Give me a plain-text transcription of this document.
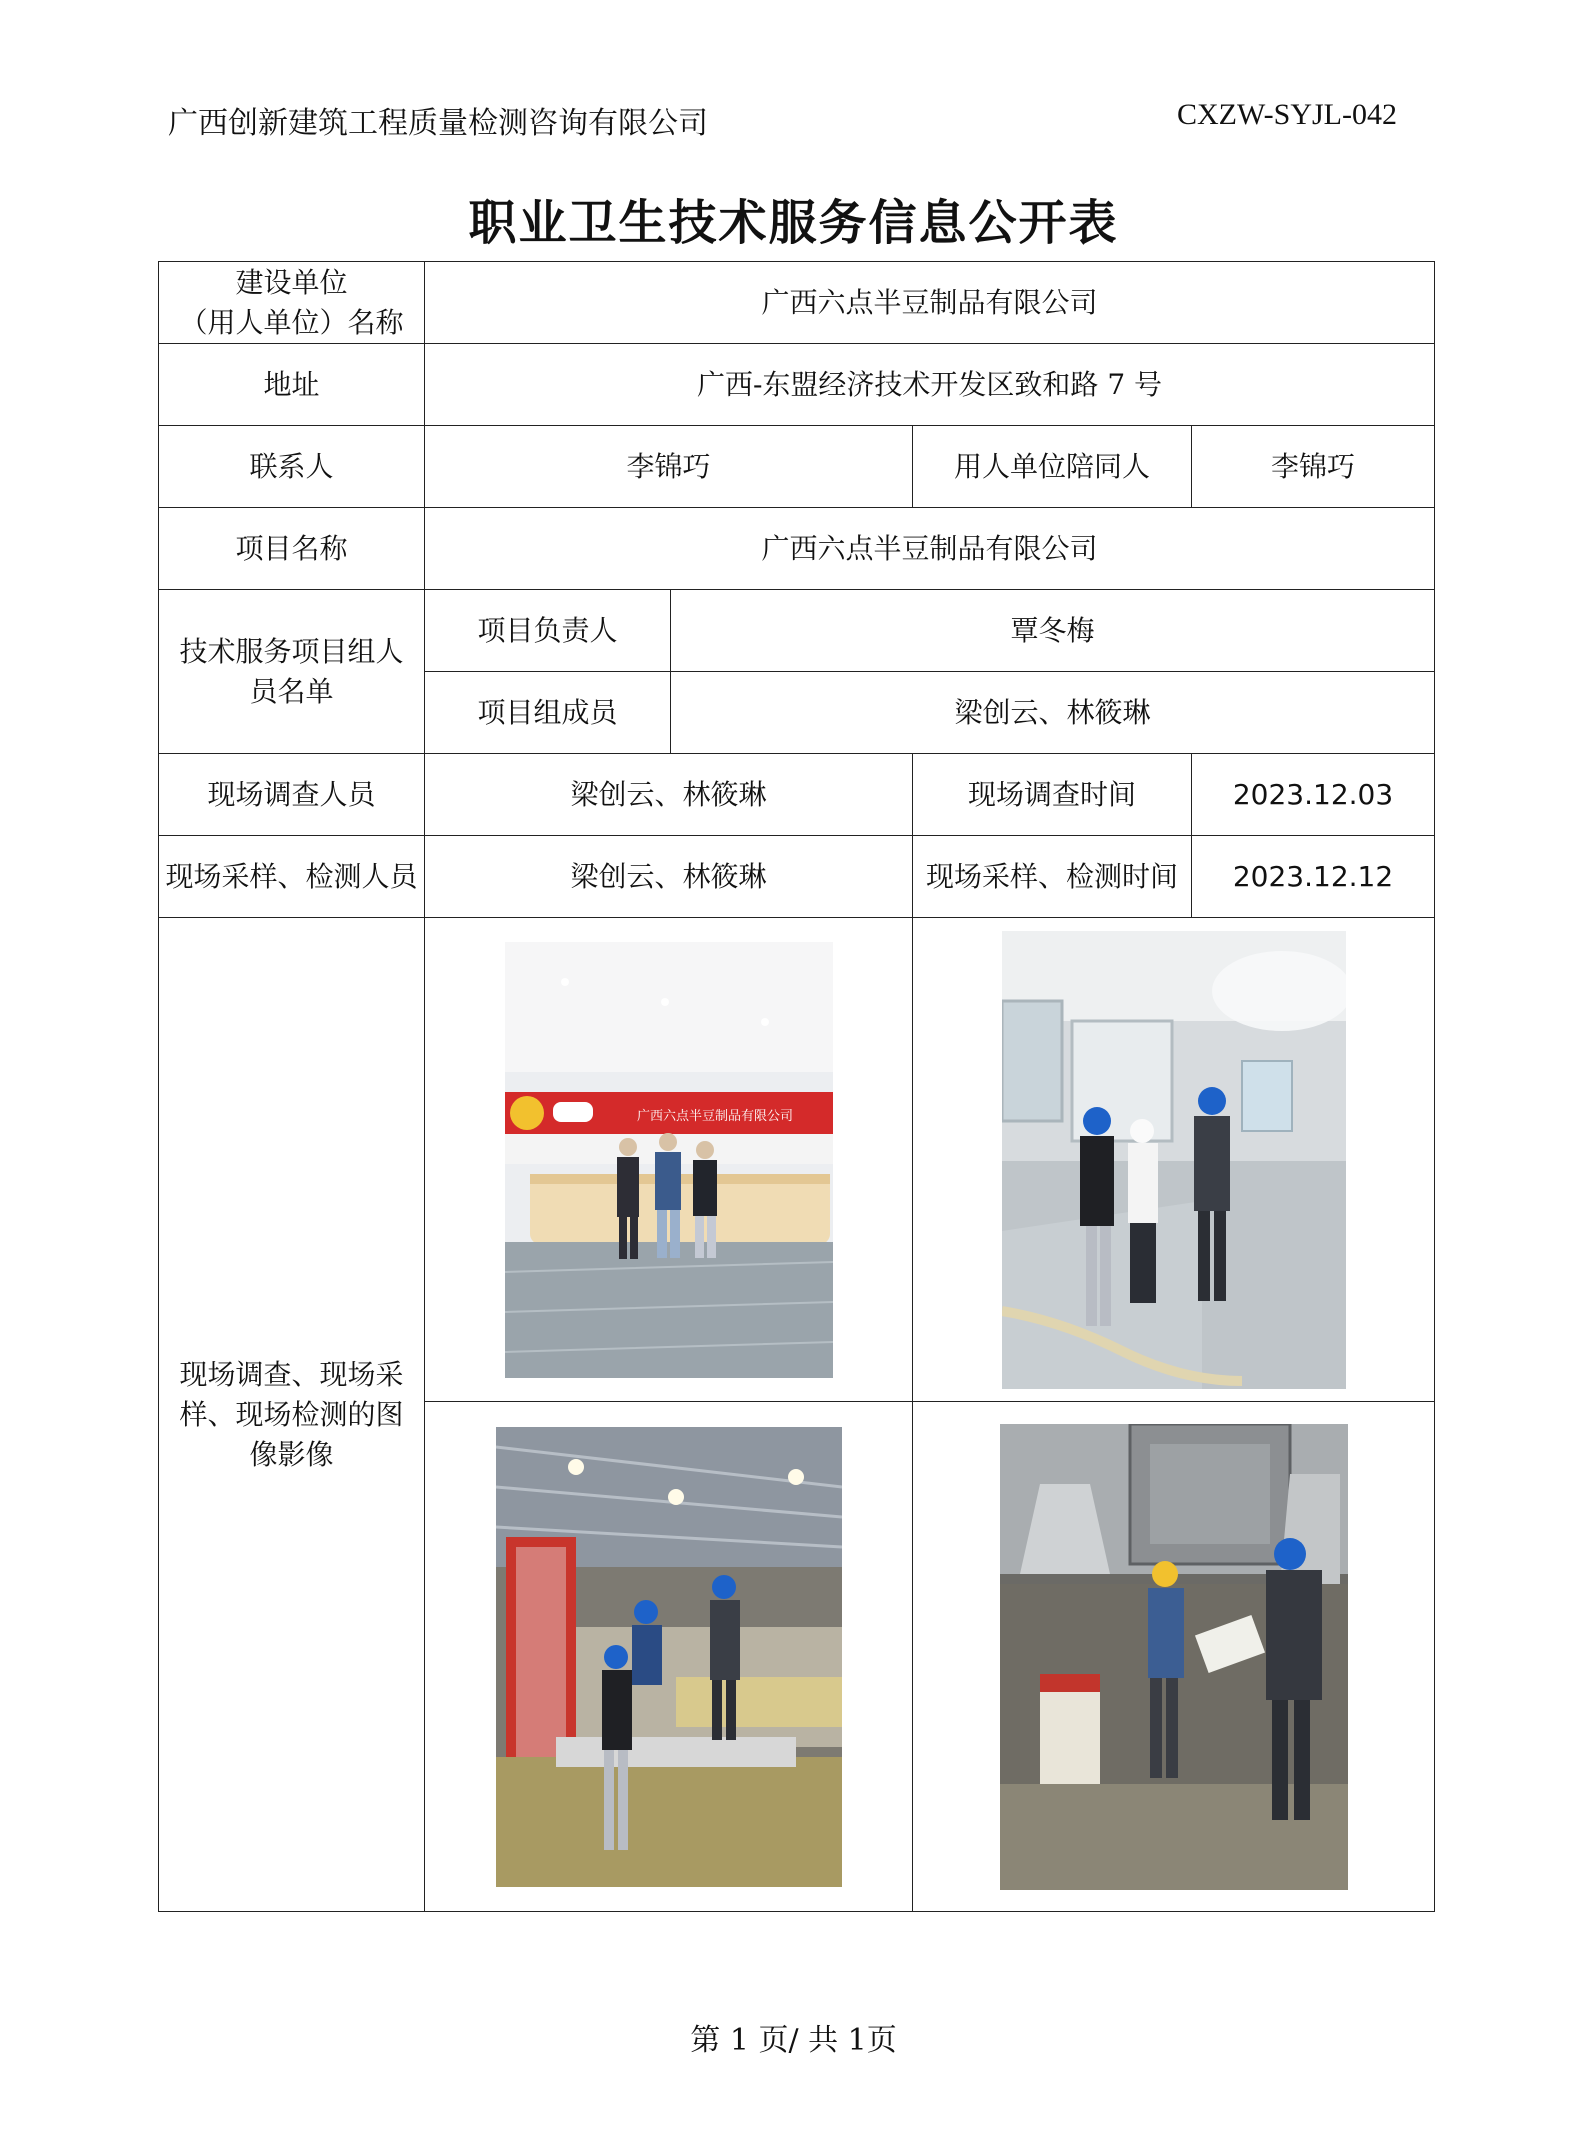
广西创新建筑工程质量检测咨询有限公司	CXZW-SYJL-042
职业卫生技术服务信息公开表
建设单位
（用人单位）名称	广西六点半豆制品有限公司			
地址	广西-东盟经济技术开发区致和路 7 号			
联系人	李锦巧		用人单位陪同人	李锦巧
项目名称	广西六点半豆制品有限公司			
技术服务项目组人员名单	项目负责人	覃冬梅		
	项目组成员	梁创云、林筱琳		
现场调查人员	梁创云、林筱琳		现场调查时间	2023.12.03
现场采样、检测人员	梁创云、林筱琳		现场采样、检测时间	2023.12.12
现场调查、现场采样、现场检测的图像影像	广西六点半豆制品有限公司

第 1 页/ 共 1页
